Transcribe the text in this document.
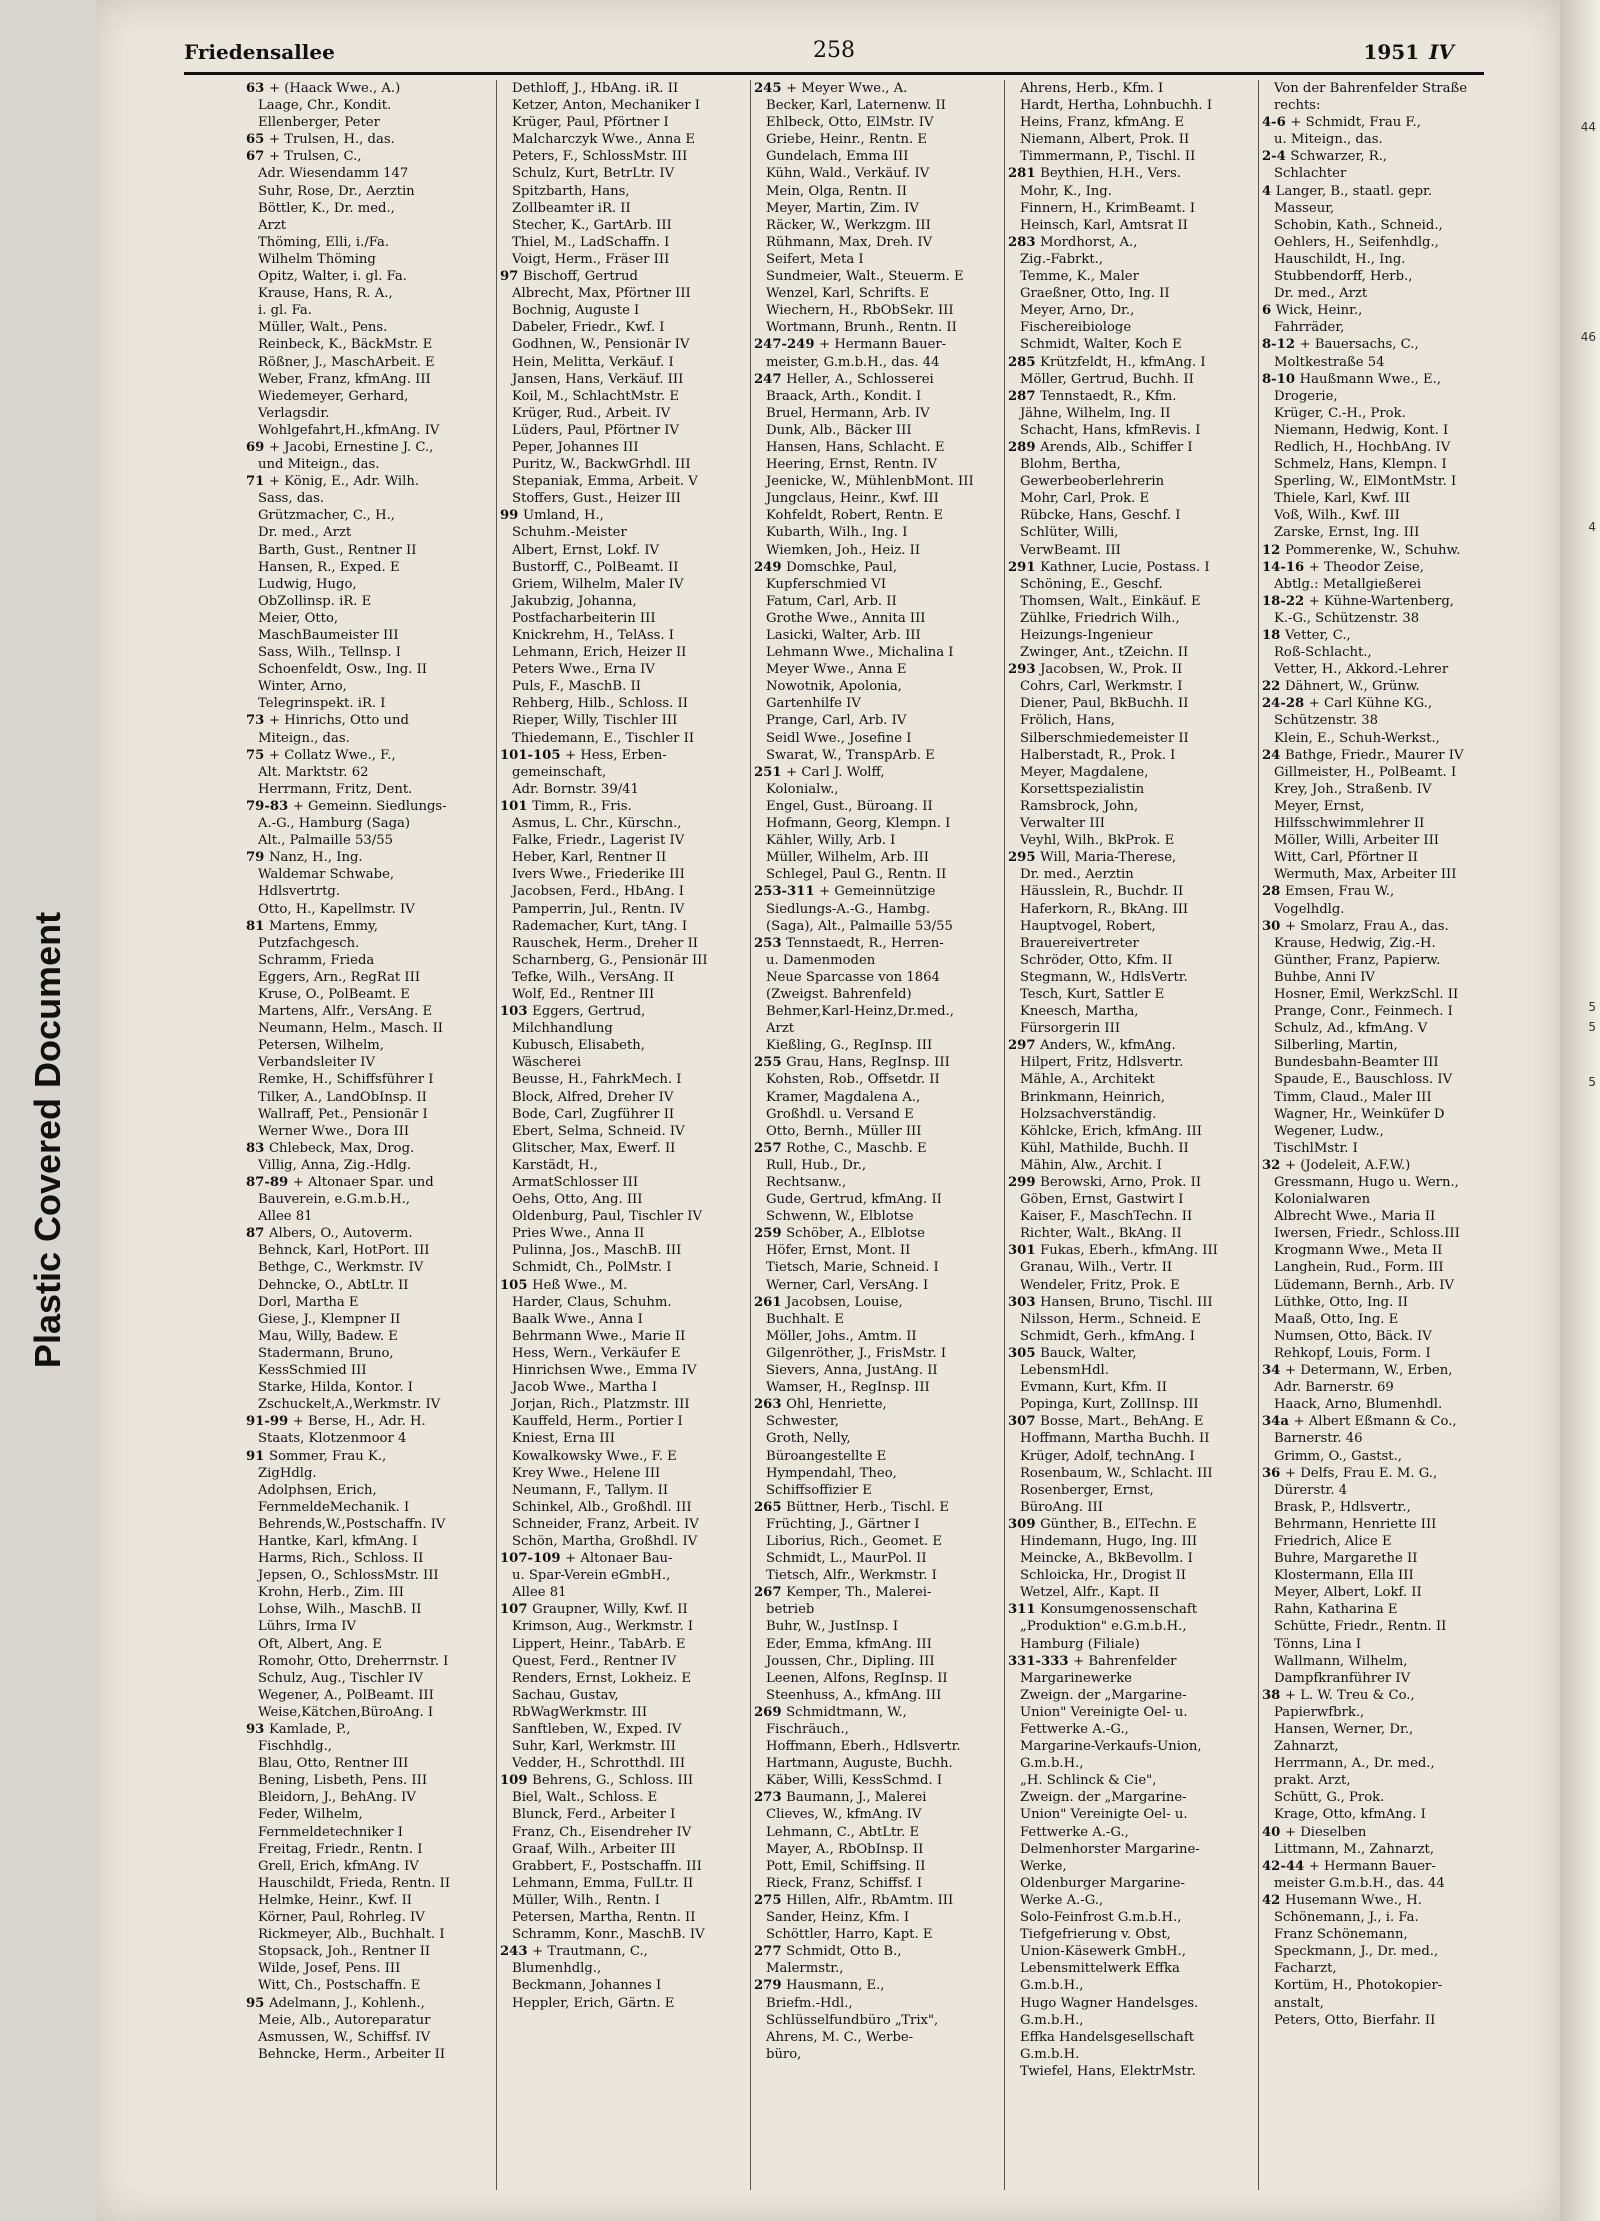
Plastic Covered Document
44
46
4
5
5
5
Friedensallee	258	1951 IV
63 + (Haack Wwe., A.)
Laage, Chr., Kondit.
Ellenberger, Peter
65 + Trulsen, H., das.
67 + Trulsen, C.,
Adr. Wiesendamm 147
Suhr, Rose, Dr., Aerztin
Böttler, K., Dr. med.,
Arzt
Thöming, Elli, i./Fa.
Wilhelm Thöming
Opitz, Walter, i. gl. Fa.
Krause, Hans, R. A.,
i. gl. Fa.
Müller, Walt., Pens.
Reinbeck, K., BäckMstr. E
Rößner, J., MaschArbeit. E
Weber, Franz, kfmAng. III
Wiedemeyer, Gerhard,
Verlagsdir.
Wohlgefahrt,H.,kfmAng. IV
69 + Jacobi, Ernestine J. C.,
und Miteign., das.
71 + König, E., Adr. Wilh.
Sass, das.
Grützmacher, C., H.,
Dr. med., Arzt
Barth, Gust., Rentner II
Hansen, R., Exped. E
Ludwig, Hugo,
ObZollinsp. iR. E
Meier, Otto,
MaschBaumeister III
Sass, Wilh., Tellnsp. I
Schoenfeldt, Osw., Ing. II
Winter, Arno,
Telegrinspekt. iR. I
73 + Hinrichs, Otto und
Miteign., das.
75 + Collatz Wwe., F.,
Alt. Marktstr. 62
Herrmann, Fritz, Dent.
79-83 + Gemeinn. Siedlungs-
A.-G., Hamburg (Saga)
Alt., Palmaille 53/55
79 Nanz, H., Ing.
Waldemar Schwabe,
Hdlsvertrtg.
Otto, H., Kapellmstr. IV
81 Martens, Emmy,
Putzfachgesch.
Schramm, Frieda
Eggers, Arn., RegRat III
Kruse, O., PolBeamt. E
Martens, Alfr., VersAng. E
Neumann, Helm., Masch. II
Petersen, Wilhelm,
Verbandsleiter IV
Remke, H., Schiffsführer I
Tilker, A., LandObInsp. II
Wallraff, Pet., Pensionär I
Werner Wwe., Dora III
83 Chlebeck, Max, Drog.
Villig, Anna, Zig.-Hdlg.
87-89 + Altonaer Spar. und
Bauverein, e.G.m.b.H.,
Allee 81
87 Albers, O., Autoverm.
Behnck, Karl, HotPort. III
Bethge, C., Werkmstr. IV
Dehncke, O., AbtLtr. II
Dorl, Martha E
Giese, J., Klempner II
Mau, Willy, Badew. E
Stadermann, Bruno,
KessSchmied III
Starke, Hilda, Kontor. I
Zschuckelt,A.,Werkmstr. IV
91-99 + Berse, H., Adr. H.
Staats, Klotzenmoor 4
91 Sommer, Frau K.,
ZigHdlg.
Adolphsen, Erich,
FernmeldeMechanik. I
Behrends,W.,Postschaffn. IV
Hantke, Karl, kfmAng. I
Harms, Rich., Schloss. II
Jepsen, O., SchlossMstr. III
Krohn, Herb., Zim. III
Lohse, Wilh., MaschB. II
Lührs, Irma IV
Oft, Albert, Ang. E
Romohr, Otto, Dreherrnstr. I
Schulz, Aug., Tischler IV
Wegener, A., PolBeamt. III
Weise,Kätchen,BüroAng. I
93 Kamlade, P.,
Fischhdlg.,
Blau, Otto, Rentner III
Bening, Lisbeth, Pens. III
Bleidorn, J., BehAng. IV
Feder, Wilhelm,
Fernmeldetechniker I
Freitag, Friedr., Rentn. I
Grell, Erich, kfmAng. IV
Hauschildt, Frieda, Rentn. II
Helmke, Heinr., Kwf. II
Körner, Paul, Rohrleg. IV
Rickmeyer, Alb., Buchhalt. I
Stopsack, Joh., Rentner II
Wilde, Josef, Pens. III
Witt, Ch., Postschaffn. E
95 Adelmann, J., Kohlenh.,
Meie, Alb., Autoreparatur
Asmussen, W., Schiffsf. IV
Behncke, Herm., Arbeiter II
Dethloff, J., HbAng. iR. II
Ketzer, Anton, Mechaniker I
Krüger, Paul, Pförtner I
Malcharczyk Wwe., Anna E
Peters, F., SchlossMstr. III
Schulz, Kurt, BetrLtr. IV
Spitzbarth, Hans,
Zollbeamter iR. II
Stecher, K., GartArb. III
Thiel, M., LadSchaffn. I
Voigt, Herm., Fräser III
97 Bischoff, Gertrud
Albrecht, Max, Pförtner III
Bochnig, Auguste I
Dabeler, Friedr., Kwf. I
Godhnen, W., Pensionär IV
Hein, Melitta, Verkäuf. I
Jansen, Hans, Verkäuf. III
Koil, M., SchlachtMstr. E
Krüger, Rud., Arbeit. IV
Lüders, Paul, Pförtner IV
Peper, Johannes III
Puritz, W., BackwGrhdl. III
Stepaniak, Emma, Arbeit. V
Stoffers, Gust., Heizer III
99 Umland, H.,
Schuhm.-Meister
Albert, Ernst, Lokf. IV
Bustorff, C., PolBeamt. II
Griem, Wilhelm, Maler IV
Jakubzig, Johanna,
Postfacharbeiterin III
Knickrehm, H., TelAss. I
Lehmann, Erich, Heizer II
Peters Wwe., Erna IV
Puls, F., MaschB. II
Rehberg, Hilb., Schloss. II
Rieper, Willy, Tischler III
Thiedemann, E., Tischler II
101-105 + Hess, Erben-
gemeinschaft,
Adr. Bornstr. 39/41
101 Timm, R., Fris.
Asmus, L. Chr., Kürschn.,
Falke, Friedr., Lagerist IV
Heber, Karl, Rentner II
Ivers Wwe., Friederike III
Jacobsen, Ferd., HbAng. I
Pamperrin, Jul., Rentn. IV
Rademacher, Kurt, tAng. I
Rauschek, Herm., Dreher II
Scharnberg, G., Pensionär III
Tefke, Wilh., VersAng. II
Wolf, Ed., Rentner III
103 Eggers, Gertrud,
Milchhandlung
Kubusch, Elisabeth,
Wäscherei
Beusse, H., FahrkMech. I
Block, Alfred, Dreher IV
Bode, Carl, Zugführer II
Ebert, Selma, Schneid. IV
Glitscher, Max, Ewerf. II
Karstädt, H.,
ArmatSchlosser III
Oehs, Otto, Ang. III
Oldenburg, Paul, Tischler IV
Pries Wwe., Anna II
Pulinna, Jos., MaschB. III
Schmidt, Ch., PolMstr. I
105 Heß Wwe., M.
Harder, Claus, Schuhm.
Baalk Wwe., Anna I
Behrmann Wwe., Marie II
Hess, Wern., Verkäufer E
Hinrichsen Wwe., Emma IV
Jacob Wwe., Martha I
Jorjan, Rich., Platzmstr. III
Kauffeld, Herm., Portier I
Kniest, Erna III
Kowalkowsky Wwe., F. E
Krey Wwe., Helene III
Neumann, F., Tallym. II
Schinkel, Alb., Großhdl. III
Schneider, Franz, Arbeit. IV
Schön, Martha, Großhdl. IV
107-109 + Altonaer Bau-
u. Spar-Verein eGmbH.,
Allee 81
107 Graupner, Willy, Kwf. II
Krimson, Aug., Werkmstr. I
Lippert, Heinr., TabArb. E
Quest, Ferd., Rentner IV
Renders, Ernst, Lokheiz. E
Sachau, Gustav,
RbWagWerkmstr. III
Sanftleben, W., Exped. IV
Suhr, Karl, Werkmstr. III
Vedder, H., Schrotthdl. III
109 Behrens, G., Schloss. III
Biel, Walt., Schloss. E
Blunck, Ferd., Arbeiter I
Franz, Ch., Eisendreher IV
Graaf, Wilh., Arbeiter III
Grabbert, F., Postschaffn. III
Lehmann, Emma, FulLtr. II
Müller, Wilh., Rentn. I
Petersen, Martha, Rentn. II
Schramm, Konr., MaschB. IV
243 + Trautmann, C.,
Blumenhdlg.,
Beckmann, Johannes I
Heppler, Erich, Gärtn. E
245 + Meyer Wwe., A.
Becker, Karl, Laternenw. II
Ehlbeck, Otto, ElMstr. IV
Griebe, Heinr., Rentn. E
Gundelach, Emma III
Kühn, Wald., Verkäuf. IV
Mein, Olga, Rentn. II
Meyer, Martin, Zim. IV
Räcker, W., Werkzgm. III
Rühmann, Max, Dreh. IV
Seifert, Meta I
Sundmeier, Walt., Steuerm. E
Wenzel, Karl, Schrifts. E
Wiechern, H., RbObSekr. III
Wortmann, Brunh., Rentn. II
247-249 + Hermann Bauer-
meister, G.m.b.H., das. 44
247 Heller, A., Schlosserei
Braack, Arth., Kondit. I
Bruel, Hermann, Arb. IV
Dunk, Alb., Bäcker III
Hansen, Hans, Schlacht. E
Heering, Ernst, Rentn. IV
Jeenicke, W., MühlenbMont. III
Jungclaus, Heinr., Kwf. III
Kohfeldt, Robert, Rentn. E
Kubarth, Wilh., Ing. I
Wiemken, Joh., Heiz. II
249 Domschke, Paul,
Kupferschmied VI
Fatum, Carl, Arb. II
Grothe Wwe., Annita III
Lasicki, Walter, Arb. III
Lehmann Wwe., Michalina I
Meyer Wwe., Anna E
Nowotnik, Apolonia,
Gartenhilfe IV
Prange, Carl, Arb. IV
Seidl Wwe., Josefine I
Swarat, W., TranspArb. E
251 + Carl J. Wolff,
Kolonialw.,
Engel, Gust., Büroang. II
Hofmann, Georg, Klempn. I
Kähler, Willy, Arb. I
Müller, Wilhelm, Arb. III
Schlegel, Paul G., Rentn. II
253-311 + Gemeinnützige
Siedlungs-A.-G., Hambg.
(Saga), Alt., Palmaille 53/55
253 Tennstaedt, R., Herren-
u. Damenmoden
Neue Sparcasse von 1864
(Zweigst. Bahrenfeld)
Behmer,Karl-Heinz,Dr.med.,
Arzt
Kießling, G., RegInsp. III
255 Grau, Hans, RegInsp. III
Kohsten, Rob., Offsetdr. II
Kramer, Magdalena A.,
Großhdl. u. Versand E
Otto, Bernh., Müller III
257 Rothe, C., Maschb. E
Rull, Hub., Dr.,
Rechtsanw.,
Gude, Gertrud, kfmAng. II
Schwenn, W., Elblotse
259 Schöber, A., Elblotse
Höfer, Ernst, Mont. II
Tietsch, Marie, Schneid. I
Werner, Carl, VersAng. I
261 Jacobsen, Louise,
Buchhalt. E
Möller, Johs., Amtm. II
Gilgenröther, J., FrisMstr. I
Sievers, Anna, JustAng. II
Wamser, H., RegInsp. III
263 Ohl, Henriette,
Schwester,
Groth, Nelly,
Büroangestellte E
Hympendahl, Theo,
Schiffsoffizier E
265 Büttner, Herb., Tischl. E
Früchting, J., Gärtner I
Liborius, Rich., Geomet. E
Schmidt, L., MaurPol. II
Tietsch, Alfr., Werkmstr. I
267 Kemper, Th., Malerei-
betrieb
Buhr, W., JustInsp. I
Eder, Emma, kfmAng. III
Joussen, Chr., Dipling. III
Leenen, Alfons, RegInsp. II
Steenhuss, A., kfmAng. III
269 Schmidtmann, W.,
Fischräuch.,
Hoffmann, Eberh., Hdlsvertr.
Hartmann, Auguste, Buchh.
Käber, Willi, KessSchmd. I
273 Baumann, J., Malerei
Clieves, W., kfmAng. IV
Lehmann, C., AbtLtr. E
Mayer, A., RbObInsp. II
Pott, Emil, Schiffsing. II
Rieck, Franz, Schiffsf. I
275 Hillen, Alfr., RbAmtm. III
Sander, Heinz, Kfm. I
Schöttler, Harro, Kapt. E
277 Schmidt, Otto B.,
Malermstr.,
279 Hausmann, E.,
Briefm.-Hdl.,
Schlüsselfundbüro „Trix",
Ahrens, M. C., Werbe-
büro,
Ahrens, Herb., Kfm. I
Hardt, Hertha, Lohnbuchh. I
Heins, Franz, kfmAng. E
Niemann, Albert, Prok. II
Timmermann, P., Tischl. II
281 Beythien, H.H., Vers.
Mohr, K., Ing.
Finnern, H., KrimBeamt. I
Heinsch, Karl, Amtsrat II
283 Mordhorst, A.,
Zig.-Fabrkt.,
Temme, K., Maler
Graeßner, Otto, Ing. II
Meyer, Arno, Dr.,
Fischereibiologe
Schmidt, Walter, Koch E
285 Krützfeldt, H., kfmAng. I
Möller, Gertrud, Buchh. II
287 Tennstaedt, R., Kfm.
Jähne, Wilhelm, Ing. II
Schacht, Hans, kfmRevis. I
289 Arends, Alb., Schiffer I
Blohm, Bertha,
Gewerbeoberlehrerin
Mohr, Carl, Prok. E
Rübcke, Hans, Geschf. I
Schlüter, Willi,
VerwBeamt. III
291 Kathner, Lucie, Postass. I
Schöning, E., Geschf.
Thomsen, Walt., Einkäuf. E
Zühlke, Friedrich Wilh.,
Heizungs-Ingenieur
Zwinger, Ant., tZeichn. II
293 Jacobsen, W., Prok. II
Cohrs, Carl, Werkmstr. I
Diener, Paul, BkBuchh. II
Frölich, Hans,
Silberschmiedemeister II
Halberstadt, R., Prok. I
Meyer, Magdalene,
Korsettspezialistin
Ramsbrock, John,
Verwalter III
Veyhl, Wilh., BkProk. E
295 Will, Maria-Therese,
Dr. med., Aerztin
Häusslein, R., Buchdr. II
Haferkorn, R., BkAng. III
Hauptvogel, Robert,
Brauereivertreter
Schröder, Otto, Kfm. II
Stegmann, W., HdlsVertr.
Tesch, Kurt, Sattler E
Kneesch, Martha,
Fürsorgerin III
297 Anders, W., kfmAng.
Hilpert, Fritz, Hdlsvertr.
Mähle, A., Architekt
Brinkmann, Heinrich,
Holzsachverständig.
Köhlcke, Erich, kfmAng. III
Kühl, Mathilde, Buchh. II
Mähin, Alw., Archit. I
299 Berowski, Arno, Prok. II
Göben, Ernst, Gastwirt I
Kaiser, F., MaschTechn. II
Richter, Walt., BkAng. II
301 Fukas, Eberh., kfmAng. III
Granau, Wilh., Vertr. II
Wendeler, Fritz, Prok. E
303 Hansen, Bruno, Tischl. III
Nilsson, Herm., Schneid. E
Schmidt, Gerh., kfmAng. I
305 Bauck, Walter,
LebensmHdl.
Evmann, Kurt, Kfm. II
Popinga, Kurt, ZollInsp. III
307 Bosse, Mart., BehAng. E
Hoffmann, Martha Buchh. II
Krüger, Adolf, technAng. I
Rosenbaum, W., Schlacht. III
Rosenberger, Ernst,
BüroAng. III
309 Günther, B., ElTechn. E
Hindemann, Hugo, Ing. III
Meincke, A., BkBevollm. I
Schloicka, Hr., Drogist II
Wetzel, Alfr., Kapt. II
311 Konsumgenossenschaft
„Produktion" e.G.m.b.H.,
Hamburg (Filiale)
331-333 + Bahrenfelder
Margarinewerke
Zweign. der „Margarine-
Union" Vereinigte Oel- u.
Fettwerke A.-G.,
Margarine-Verkaufs-Union,
G.m.b.H.,
„H. Schlinck & Cie",
Zweign. der „Margarine-
Union" Vereinigte Oel- u.
Fettwerke A.-G.,
Delmenhorster Margarine-
Werke,
Oldenburger Margarine-
Werke A.-G.,
Solo-Feinfrost G.m.b.H.,
Tiefgefrierung v. Obst,
Union-Käsewerk GmbH.,
Lebensmittelwerk Effka
G.m.b.H.,
Hugo Wagner Handelsges.
G.m.b.H.,
Effka Handelsgesellschaft
G.m.b.H.
Twiefel, Hans, ElektrMstr.
Von der Bahrenfelder Straße
rechts:
4-6 + Schmidt, Frau F.,
u. Miteign., das.
2-4 Schwarzer, R.,
Schlachter
4 Langer, B., staatl. gepr.
Masseur,
Schobin, Kath., Schneid.,
Oehlers, H., Seifenhdlg.,
Hauschildt, H., Ing.
Stubbendorff, Herb.,
Dr. med., Arzt
6 Wick, Heinr.,
Fahrräder,
8-12 + Bauersachs, C.,
Moltkestraße 54
8-10 Haußmann Wwe., E.,
Drogerie,
Krüger, C.-H., Prok.
Niemann, Hedwig, Kont. I
Redlich, H., HochbAng. IV
Schmelz, Hans, Klempn. I
Sperling, W., ElMontMstr. I
Thiele, Karl, Kwf. III
Voß, Wilh., Kwf. III
Zarske, Ernst, Ing. III
12 Pommerenke, W., Schuhw.
14-16 + Theodor Zeise,
Abtlg.: Metallgießerei
18-22 + Kühne-Wartenberg,
K.-G., Schützenstr. 38
18 Vetter, C.,
Roß-Schlacht.,
Vetter, H., Akkord.-Lehrer
22 Dähnert, W., Grünw.
24-28 + Carl Kühne KG.,
Schützenstr. 38
Klein, E., Schuh-Werkst.,
24 Bathge, Friedr., Maurer IV
Gillmeister, H., PolBeamt. I
Krey, Joh., Straßenb. IV
Meyer, Ernst,
Hilfsschwimmlehrer II
Möller, Willi, Arbeiter III
Witt, Carl, Pförtner II
Wermuth, Max, Arbeiter III
28 Emsen, Frau W.,
Vogelhdlg.
30 + Smolarz, Frau A., das.
Krause, Hedwig, Zig.-H.
Günther, Franz, Papierw.
Buhbe, Anni IV
Hosner, Emil, WerkzSchl. II
Prange, Conr., Feinmech. I
Schulz, Ad., kfmAng. V
Silberling, Martin,
Bundesbahn-Beamter III
Spaude, E., Bauschloss. IV
Timm, Claud., Maler III
Wagner, Hr., Weinküfer D
Wegener, Ludw.,
TischlMstr. I
32 + (Jodeleit, A.F.W.)
Gressmann, Hugo u. Wern.,
Kolonialwaren
Albrecht Wwe., Maria II
Iwersen, Friedr., Schloss.III
Krogmann Wwe., Meta II
Langhein, Rud., Form. III
Lüdemann, Bernh., Arb. IV
Lüthke, Otto, Ing. II
Maaß, Otto, Ing. E
Numsen, Otto, Bäck. IV
Rehkopf, Louis, Form. I
34 + Determann, W., Erben,
Adr. Barnerstr. 69
Haack, Arno, Blumenhdl.
34a + Albert Eßmann & Co.,
Barnerstr. 46
Grimm, O., Gastst.,
36 + Delfs, Frau E. M. G.,
Dürerstr. 4
Brask, P., Hdlsvertr.,
Behrmann, Henriette III
Friedrich, Alice E
Buhre, Margarethe II
Klostermann, Ella III
Meyer, Albert, Lokf. II
Rahn, Katharina E
Schütte, Friedr., Rentn. II
Tönns, Lina I
Wallmann, Wilhelm,
Dampfkranführer IV
38 + L. W. Treu & Co.,
Papierwfbrk.,
Hansen, Werner, Dr.,
Zahnarzt,
Herrmann, A., Dr. med.,
prakt. Arzt,
Schütt, G., Prok.
Krage, Otto, kfmAng. I
40 + Dieselben
Littmann, M., Zahnarzt,
42-44 + Hermann Bauer-
meister G.m.b.H., das. 44
42 Husemann Wwe., H.
Schönemann, J., i. Fa.
Franz Schönemann,
Speckmann, J., Dr. med.,
Facharzt,
Kortüm, H., Photokopier-
anstalt,
Peters, Otto, Bierfahr. II
